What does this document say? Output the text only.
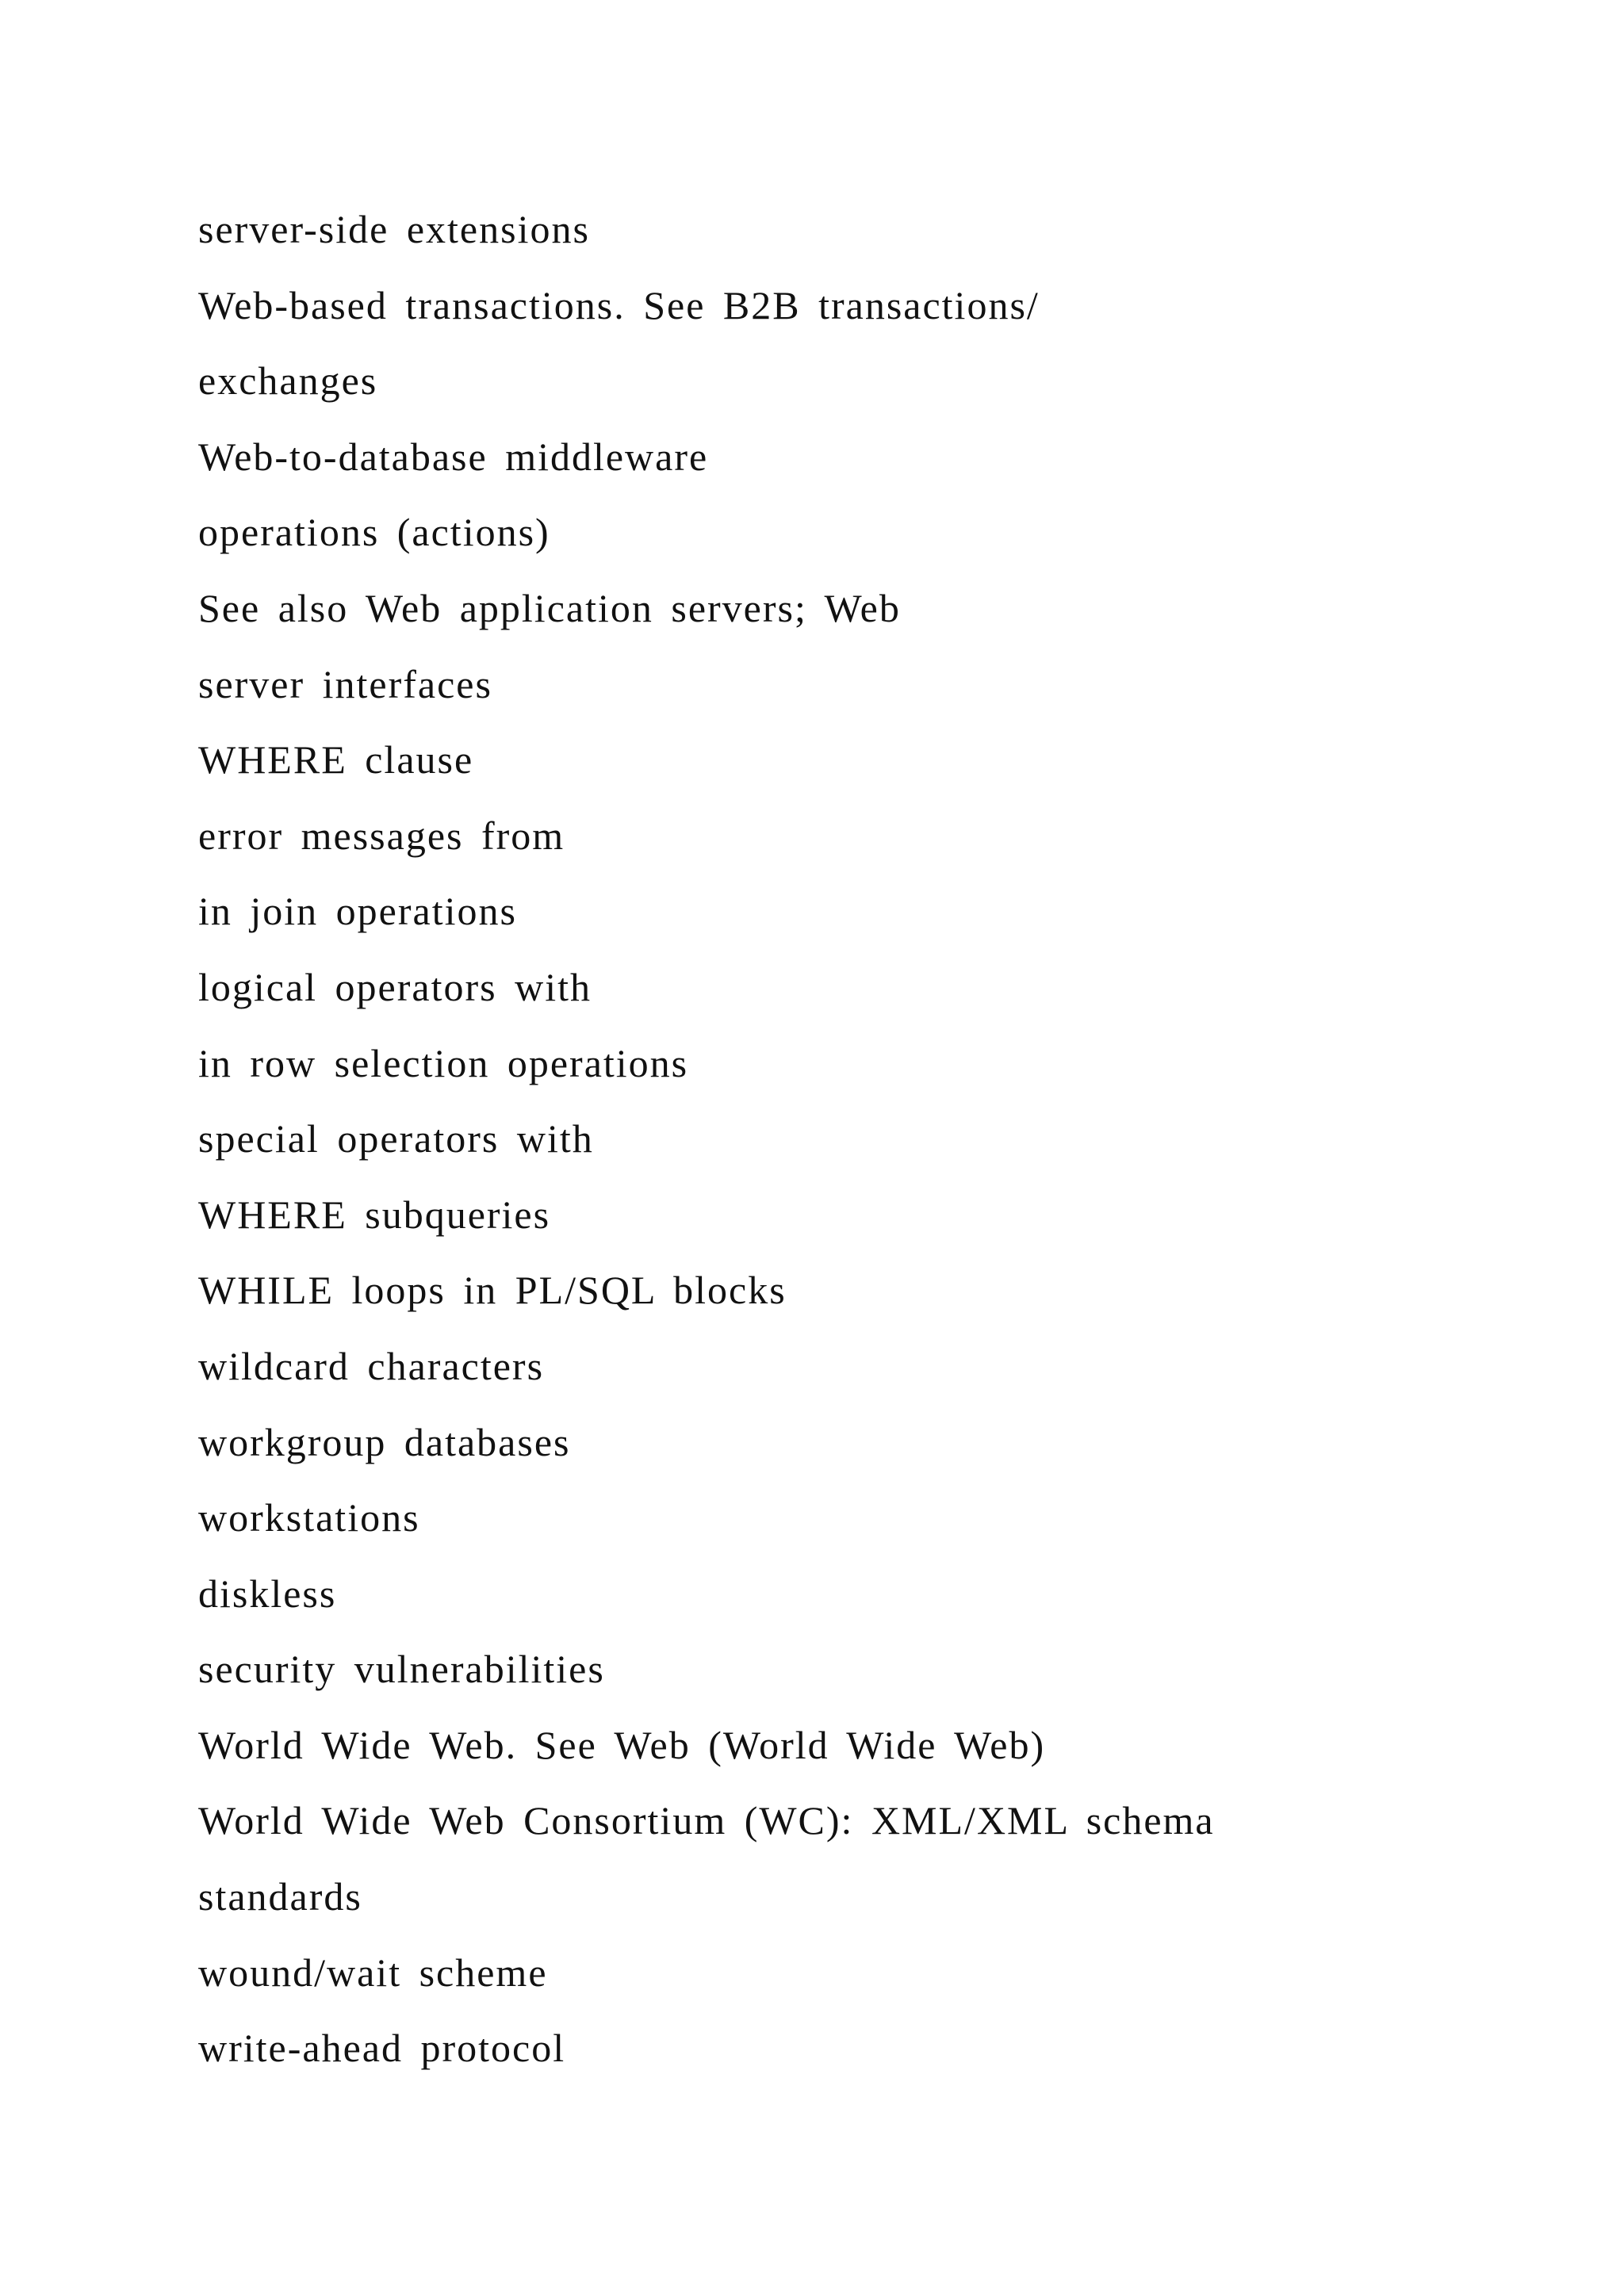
server-side extensions
Web-based transactions. See B2B transactions/
exchanges
Web-to-database middleware
operations (actions)
See also Web application servers; Web
server interfaces
WHERE clause
error messages from
in join operations
logical operators with
in row selection operations
special operators with
WHERE subqueries
WHILE loops in PL/SQL blocks
wildcard characters
workgroup databases
workstations
diskless
security vulnerabilities
World Wide Web. See Web (World Wide Web)
World Wide Web Consortium (WC): XML/XML schema
standards
wound/wait scheme
write-ahead protocol
